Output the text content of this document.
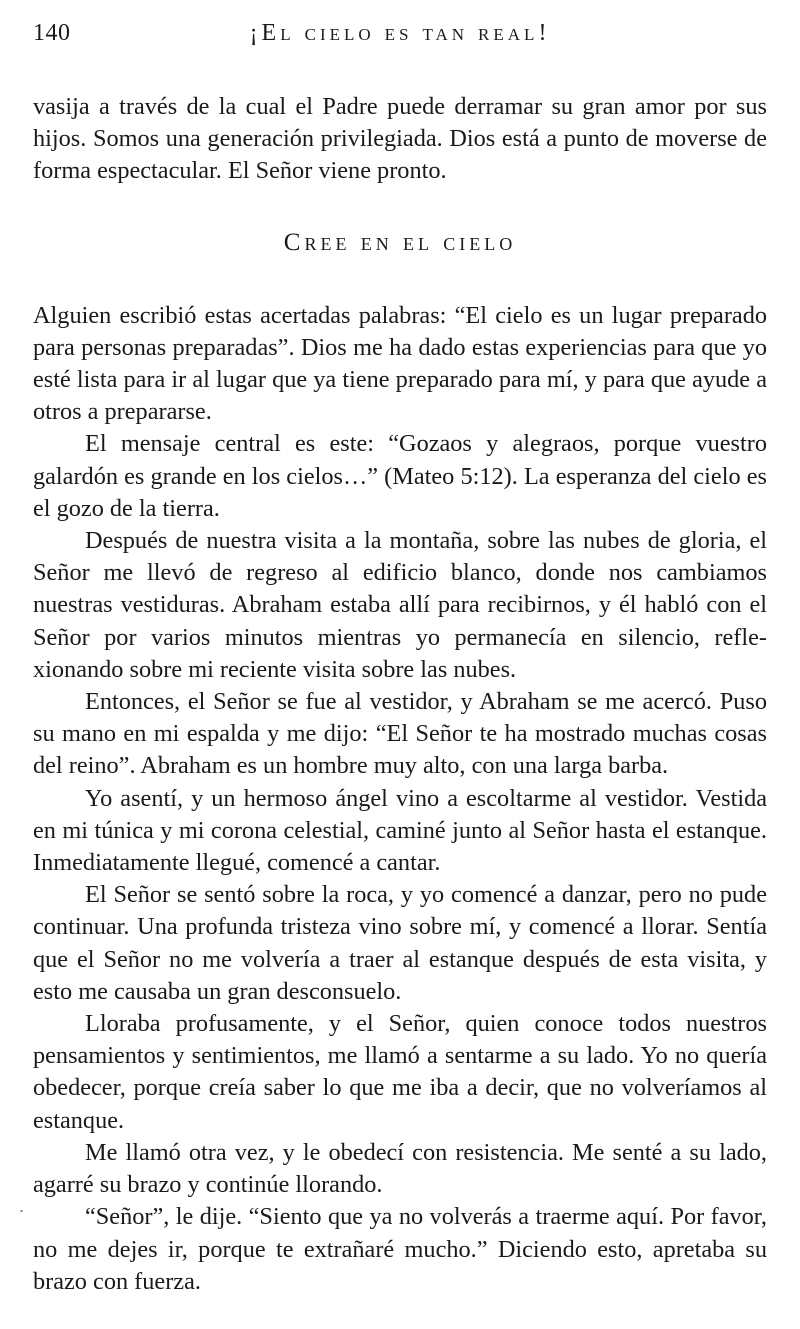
140	¡El cielo es tan real!

vasija a través de la cual el Padre puede derramar su gran amor por sus hijos. Somos una generación privilegiada. Dios está a punto de moverse de forma espectacular. El Señor viene pronto.

Cree en el cielo

Alguien escribió estas acertadas palabras: “El cielo es un lugar preparado para personas preparadas”. Dios me ha dado estas experiencias para que yo esté lista para ir al lugar que ya tiene preparado para mí, y para que ayude a otros a prepararse.

El mensaje central es este: “Gozaos y alegraos, porque vuestro galardón es grande en los cielos…” (Mateo 5:12). La esperanza del cielo es el gozo de la tierra.

Después de nuestra visita a la montaña, sobre las nubes de gloria, el Señor me llevó de regreso al edificio blanco, donde nos cambiamos nuestras vestiduras. Abraham estaba allí para recibirnos, y él habló con el Señor por varios minutos mientras yo permanecía en silencio, reflexionando sobre mi reciente visita sobre las nubes.

Entonces, el Señor se fue al vestidor, y Abraham se me acercó. Puso su mano en mi espalda y me dijo: “El Señor te ha mostrado muchas cosas del reino”. Abraham es un hombre muy alto, con una larga barba.

Yo asentí, y un hermoso ángel vino a escoltarme al vestidor. Vestida en mi túnica y mi corona celestial, caminé junto al Señor hasta el estanque. Inmediatamente llegué, comencé a cantar.

El Señor se sentó sobre la roca, y yo comencé a danzar, pero no pude continuar. Una profunda tristeza vino sobre mí, y comencé a llorar. Sentía que el Señor no me volvería a traer al estanque después de esta visita, y esto me causaba un gran desconsuelo.

Lloraba profusamente, y el Señor, quien conoce todos nuestros pensamientos y sentimientos, me llamó a sentarme a su lado. Yo no quería obedecer, porque creía saber lo que me iba a decir, que no volveríamos al estanque.

Me llamó otra vez, y le obedecí con resistencia. Me senté a su lado, agarré su brazo y continúe llorando.

“Señor”, le dije. “Siento que ya no volverás a traerme aquí. Por favor, no me dejes ir, porque te extrañaré mucho.” Diciendo esto, apretaba su brazo con fuerza.
